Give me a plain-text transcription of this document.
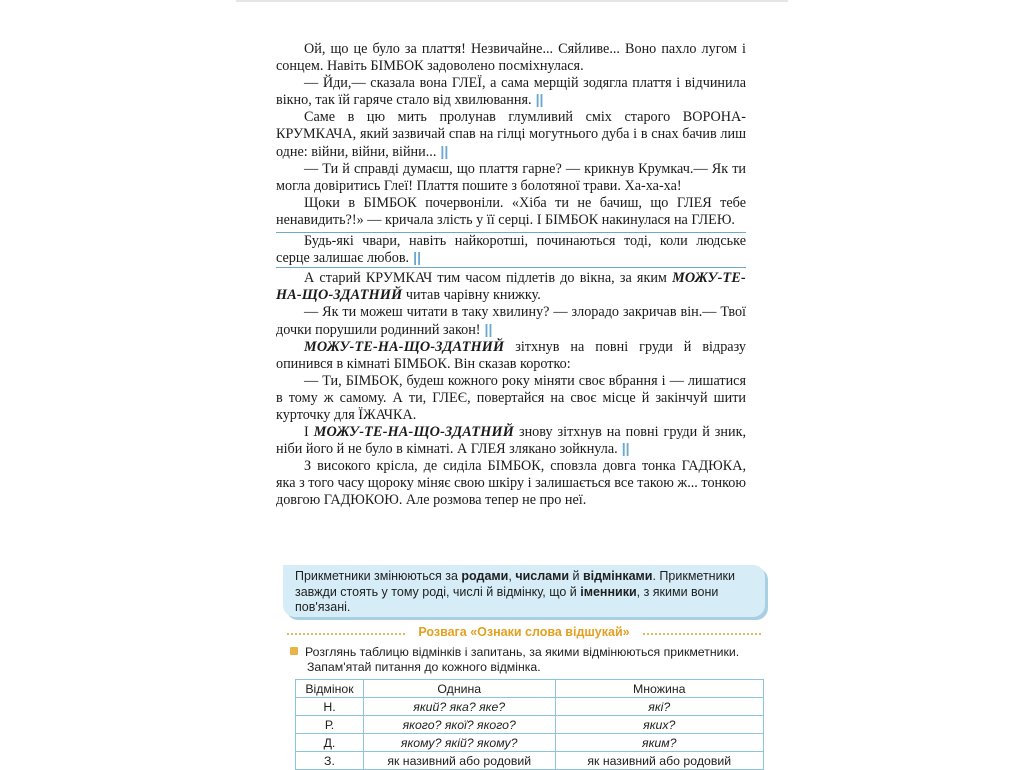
Ой, що це було за плаття! Незвичайне... Сяйливе... Воно пахло лугом і сонцем. Навіть БІМБОК задоволено посміхнулася.

— Йди,— сказала вона ГЛЕЇ, а сама мерщій зодягла плаття і відчинила вікно, так їй гаряче стало від хвилювання. ||

Саме в цю мить пролунав глумливий сміх старого ВОРОНА-КРУМКАЧА, який зазвичай спав на гілці могутнього дуба і в снах бачив лиш одне: війни, війни, війни... ||

— Ти й справді думаєш, що плаття гарне? — крикнув Крумкач.— Як ти могла довіритись Глеї! Плаття пошите з болотяної трави. Ха-ха-ха!

Щоки в БІМБОК почервоніли. «Хіба ти не бачиш, що ГЛЕЯ тебе ненавидить?!» — кричала злість у її серці. І БІМБОК накинулася на ГЛЕЮ.

Будь-які чвари, навіть найкоротші, починаються тоді, коли людське серце залишає любов. ||

А старий КРУМКАЧ тим часом підлетів до вікна, за яким МОЖУ-ТЕ-НА-ЩО-ЗДАТНИЙ читав чарівну книжку.

— Як ти можеш читати в таку хвилину? — злорадо закричав він.— Твої дочки порушили родинний закон! ||

МОЖУ-ТЕ-НА-ЩО-ЗДАТНИЙ зітхнув на повні груди й відразу опинився в кімнаті БІМБОК. Він сказав коротко:

— Ти, БІМБОК, будеш кожного року міняти своє вбрання і — лишатися в тому ж самому. А ти, ГЛЕЄ, повертайся на своє місце й закінчуй шити курточку для ЇЖАЧКА.

І МОЖУ-ТЕ-НА-ЩО-ЗДАТНИЙ знову зітхнув на повні груди й зник, ніби його й не було в кімнаті. А ГЛЕЯ злякано зойкнула. ||

З високого крісла, де сиділа БІМБОК, сповзла довга тонка ГАДЮКА, яка з того часу щороку міняє свою шкіру і залишається все такою ж... тонкою довгою ГАДЮКОЮ. Але розмова тепер не про неї.

Прикметники змінюються за родами, числами й відмінками. Прикметники завжди стоять у тому роді, числі й відмінку, що й іменники, з якими вони пов'язані.
Розвага «Ознаки слова відшукай»
Розглянь таблицю відмінків і запитань, за якими відмінюються прикметники. Запам'ятай питання до кожного відмінка.
Відмінок	Однина	Множина
Н.	який? яка? яке?	які?
Р.	якого? якої? якого?	яких?
Д.	якому? якій? якому?	яким?
З.	як називний або родовий	як називний або родовий
